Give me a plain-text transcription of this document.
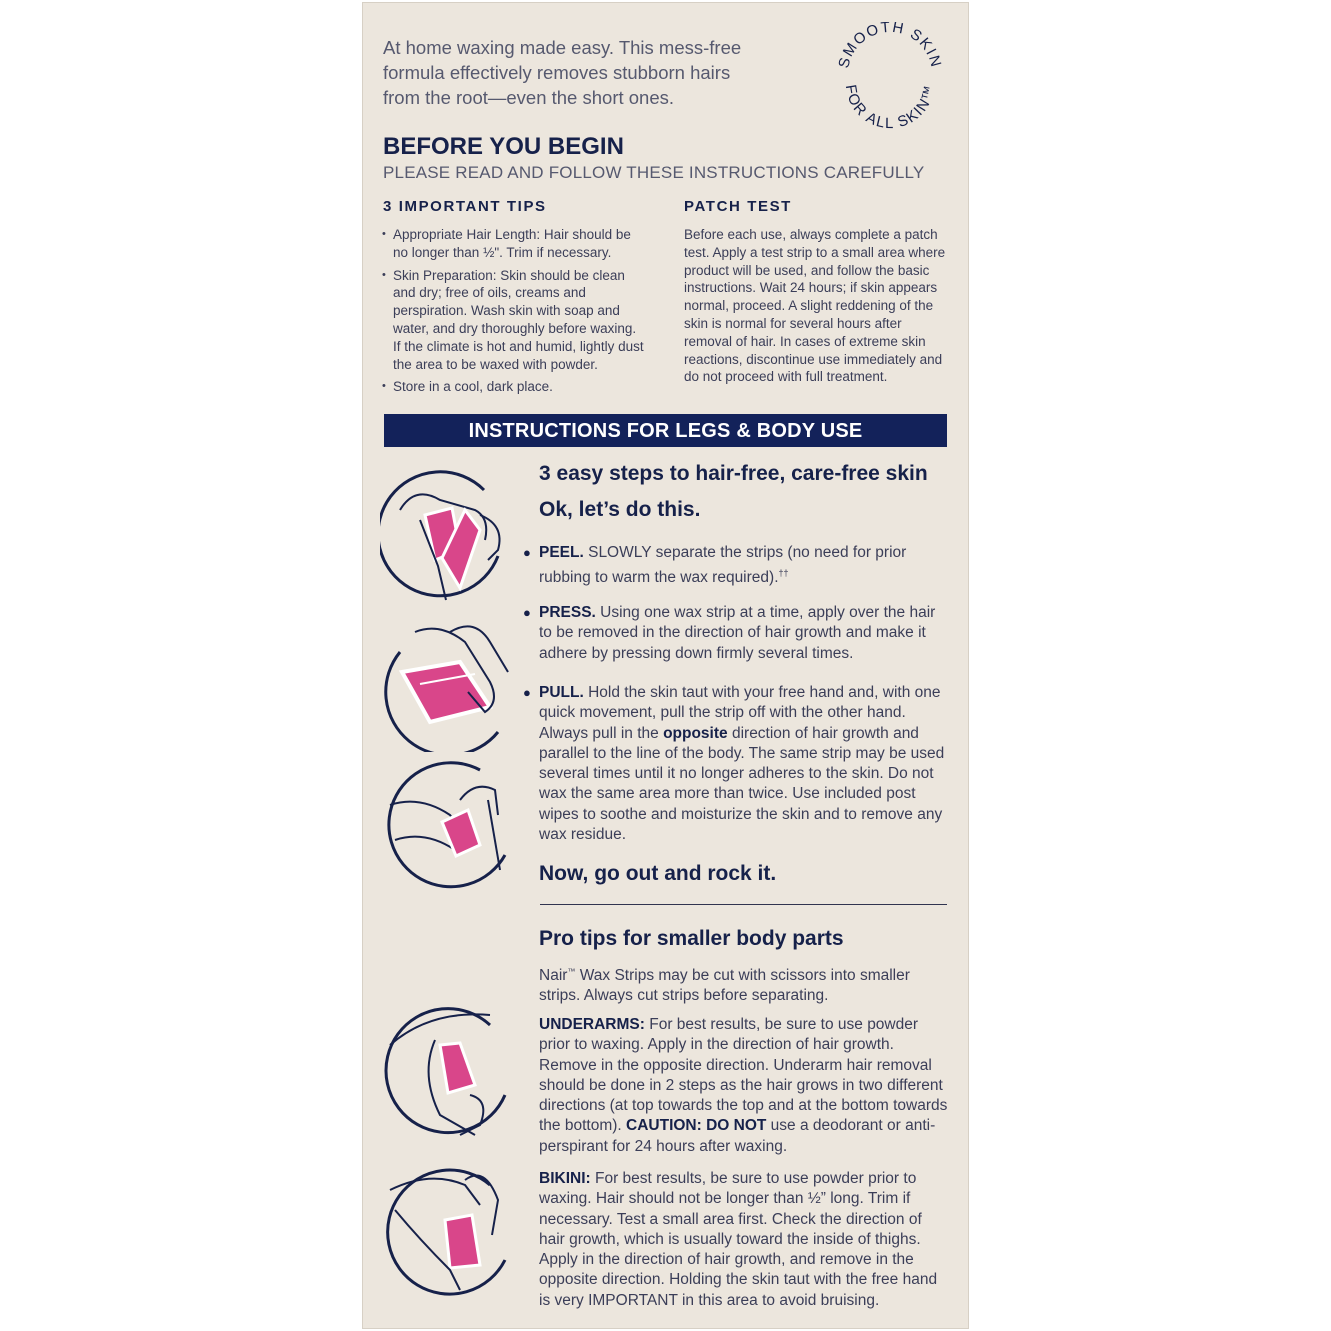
At home waxing made easy. This mess-free
formula effectively removes stubborn hairs
from the root—even the short ones.
SMOOTH SKIN
FOR ALL SKIN™
BEFORE YOU BEGIN
PLEASE READ AND FOLLOW THESE INSTRUCTIONS CAREFULLY
3 IMPORTANT TIPS
• Appropriate Hair Length: Hair should be no longer than ½". Trim if necessary.
• Skin Preparation: Skin should be clean and dry; free of oils, creams and perspiration. Wash skin with soap and water, and dry thoroughly before waxing. If the climate is hot and humid, lightly dust the area to be waxed with powder.
• Store in a cool, dark place.
PATCH TEST
Before each use, always complete a patch test. Apply a test strip to a small area where product will be used, and follow the basic instructions. Wait 24 hours; if skin appears normal, proceed. A slight reddening of the skin is normal for several hours after removal of hair. In cases of extreme skin reactions, discontinue use immediately and do not proceed with full treatment.
INSTRUCTIONS FOR LEGS & BODY USE
3 easy steps to hair-free, care-free skin
Ok, let’s do this.
● PEEL. SLOWLY separate the strips (no need for prior rubbing to warm the wax required).††
● PRESS. Using one wax strip at a time, apply over the hair to be removed in the direction of hair growth and make it adhere by pressing down firmly several times.
● PULL. Hold the skin taut with your free hand and, with one quick movement, pull the strip off with the other hand. Always pull in the opposite direction of hair growth and parallel to the line of the body. The same strip may be used several times until it no longer adheres to the skin. Do not wax the same area more than twice. Use included post wipes to soothe and moisturize the skin and to remove any wax residue.
Now, go out and rock it.
Pro tips for smaller body parts
Nair™ Wax Strips may be cut with scissors into smaller strips. Always cut strips before separating.
UNDERARMS: For best results, be sure to use powder prior to waxing. Apply in the direction of hair growth. Remove in the opposite direction. Underarm hair removal should be done in 2 steps as the hair grows in two different directions (at top towards the top and at the bottom towards the bottom). CAUTION: DO NOT use a deodorant or anti-perspirant for 24 hours after waxing.
BIKINI: For best results, be sure to use powder prior to waxing. Hair should not be longer than ½” long. Trim if necessary. Test a small area first. Check the direction of hair growth, which is usually toward the inside of thighs. Apply in the direction of hair growth, and remove in the opposite direction. Holding the skin taut with the free hand is very IMPORTANT in this area to avoid bruising.
